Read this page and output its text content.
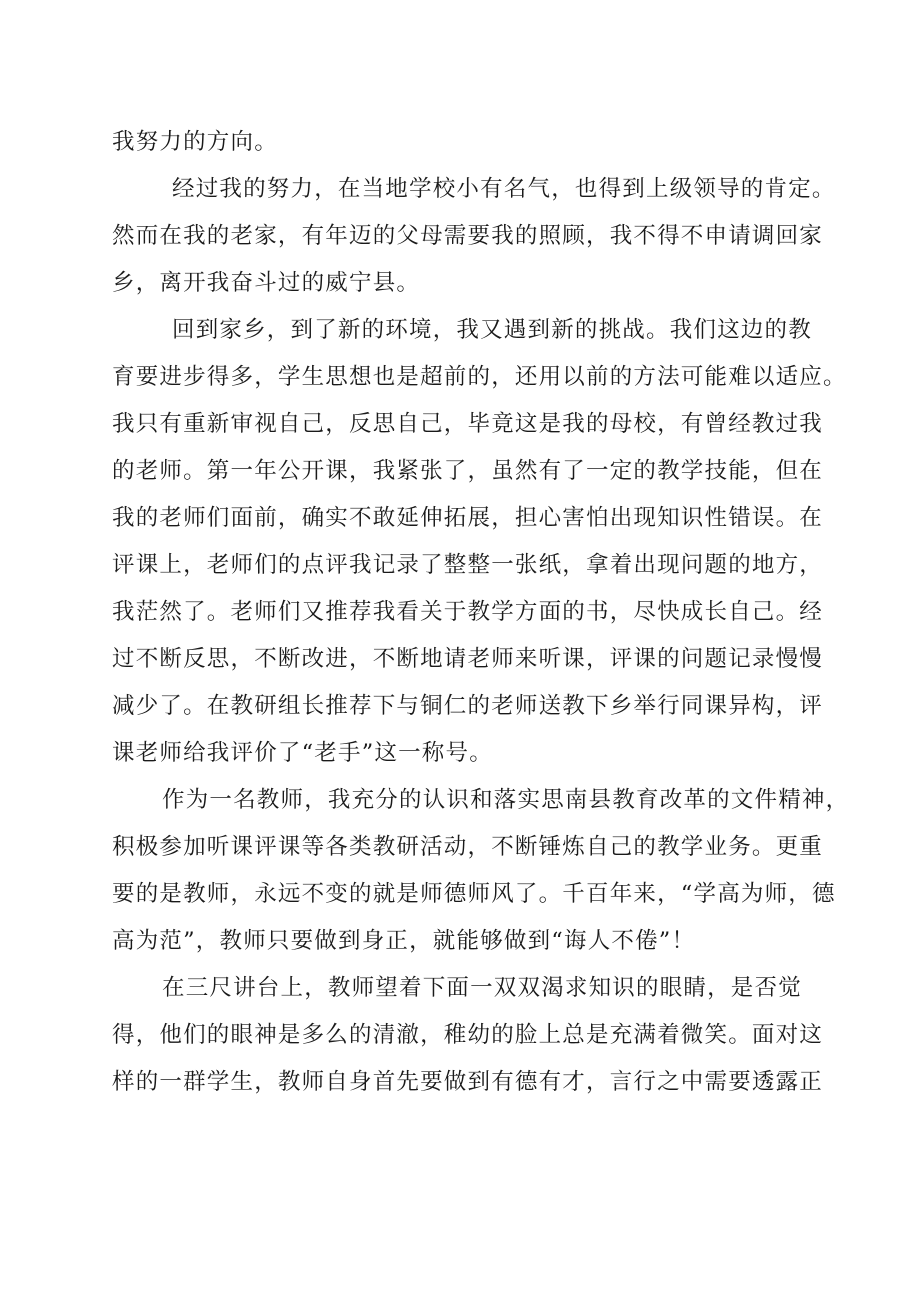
我努力的方向。
经过我的努力，在当地学校小有名气，也得到上级领导的肯定。
然而在我的老家，有年迈的父母需要我的照顾，我不得不申请调回家
乡，离开我奋斗过的威宁县。
回到家乡，到了新的环境，我又遇到新的挑战。我们这边的教
育要进步得多，学生思想也是超前的，还用以前的方法可能难以适应。
我只有重新审视自己，反思自己，毕竟这是我的母校，有曾经教过我
的老师。第一年公开课，我紧张了，虽然有了一定的教学技能，但在
我的老师们面前，确实不敢延伸拓展，担心害怕出现知识性错误。在
评课上，老师们的点评我记录了整整一张纸，拿着出现问题的地方，
我茫然了。老师们又推荐我看关于教学方面的书，尽快成长自己。经
过不断反思，不断改进，不断地请老师来听课，评课的问题记录慢慢
减少了。在教研组长推荐下与铜仁的老师送教下乡举行同课异构，评
课老师给我评价了“老手”这一称号。
作为一名教师，我充分的认识和落实思南县教育改革的文件精神，
积极参加听课评课等各类教研活动，不断锤炼自己的教学业务。更重
要的是教师，永远不变的就是师德师风了。千百年来，“学高为师，德
高为范”，教师只要做到身正，就能够做到“诲人不倦”！
在三尺讲台上，教师望着下面一双双渴求知识的眼睛，是否觉
得，他们的眼神是多么的清澈，稚幼的脸上总是充满着微笑。面对这
样的一群学生，教师自身首先要做到有德有才，言行之中需要透露正
